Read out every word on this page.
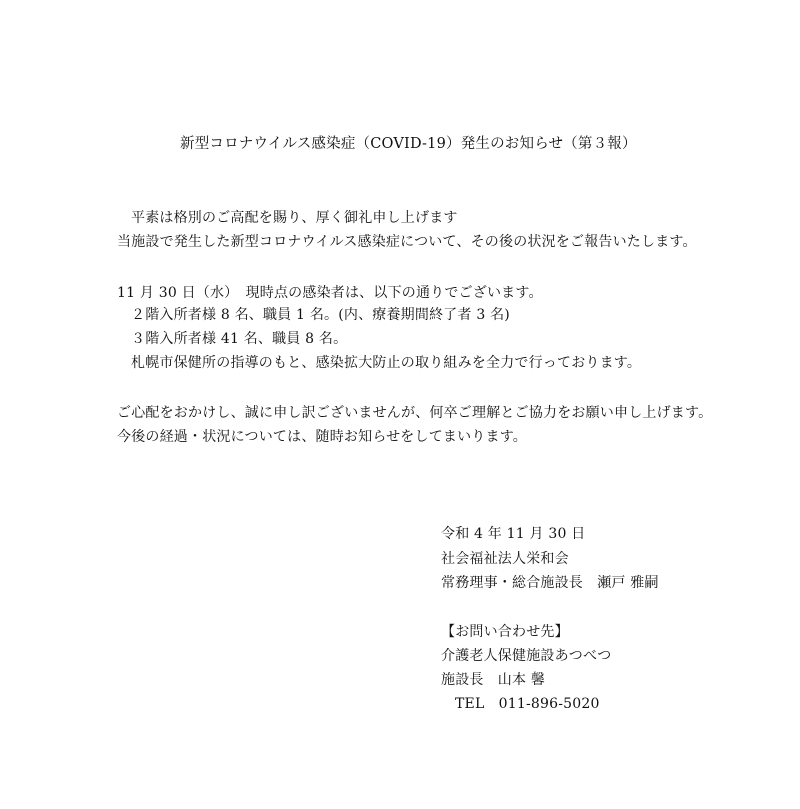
新型コロナウイルス感染症（COVID-19）発生のお知らせ（第３報）
平素は格別のご高配を賜り、厚く御礼申し上げます
当施設で発生した新型コロナウイルス感染症について、その後の状況をご報告いたします。
11 月 30 日（水）　現時点の感染者は、以下の通りでございます。
２階入所者様 8 名、職員 1 名。(内、療養期間終了者 3 名)
３階入所者様 41 名、職員 8 名。
札幌市保健所の指導のもと、感染拡大防止の取り組みを全力で行っております。
ご心配をおかけし、誠に申し訳ございませんが、何卒ご理解とご協力をお願い申し上げます。
今後の経過・状況については、随時お知らせをしてまいります。
令和 4 年 11 月 30 日
社会福祉法人栄和会
常務理事・総合施設長　瀬戸 雅嗣
【お問い合わせ先】
介護老人保健施設あつべつ
施設長　山本 馨
TEL　011-896-5020
